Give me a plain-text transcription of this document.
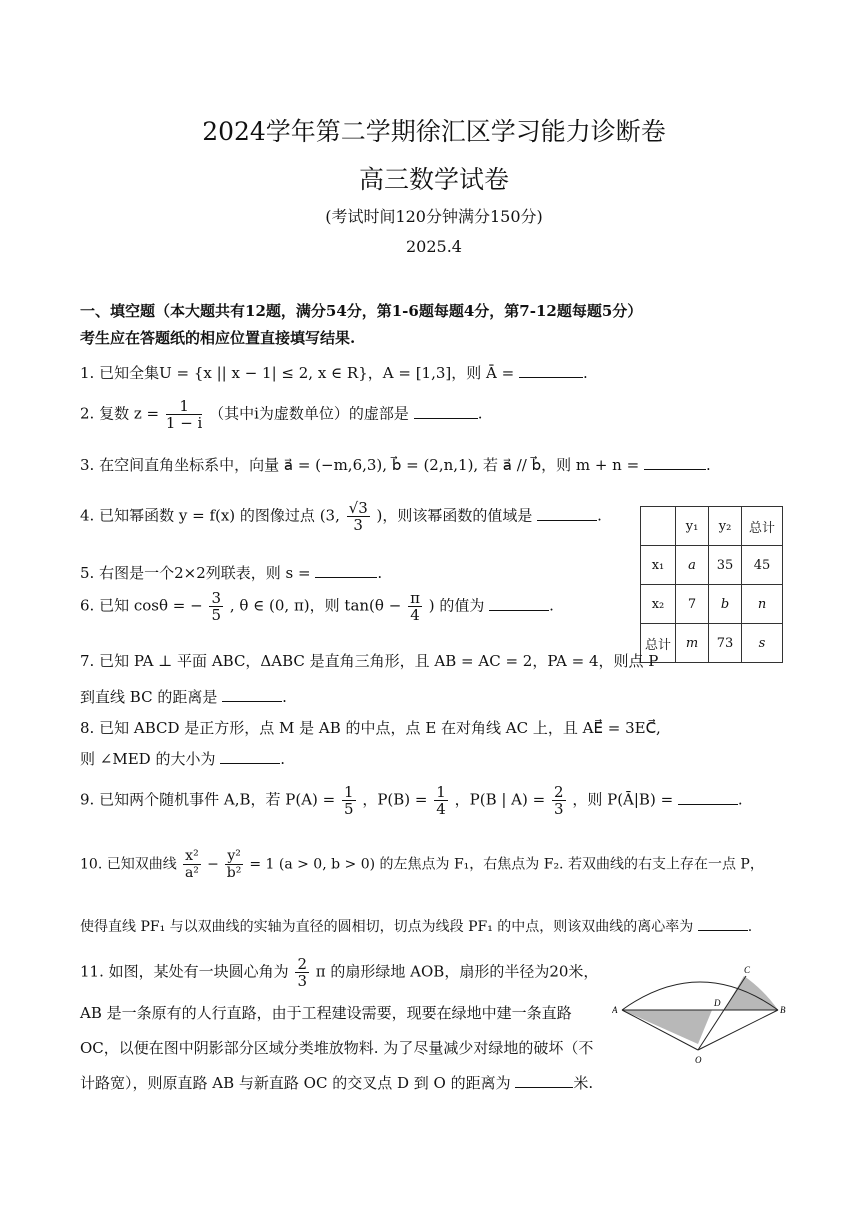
2024学年第二学期徐汇区学习能力诊断卷
高三数学试卷
(考试时间120分钟满分150分)
2025.4
一、填空题（本大题共有12题，满分54分，第1-6题每题4分，第7-12题每题5分）
考生应在答题纸的相应位置直接填写结果.
1. 已知全集U = {x || x − 1| ≤ 2, x ∈ R}，A = [1,3]，则 Ā =	.
2. 复数 $z = \frac{1}{1 - i}$ （其中i为虚数单位）的虚部是	.
3. 在空间直角坐标系中，向量 a⃗ = (−m,6,3), b⃗ = (2,n,1), 若 a⃗ // b⃗，则 m + n =	.
4. 已知幂函数 y = f(x) 的图像过点 (3, $\frac{√3}{3}$ )，则该幂函数的值域是	.
5. 右图是一个2×2列联表，则 s =	.
6. 已知 cosθ = − $\frac{3}{5}$ , θ ∈ (0, π)，则 $\tan(\theta - \frac{\pi}{4}$ ) 的值为	.
	y₁	y₂	总计
x₁	a	35	45
x₂	7	b	n
总计	m	73	s
7. 已知 PA ⊥ 平面 ABC，ΔABC 是直角三角形，且 AB = AC = 2，PA = 4，则点 P
到直线 BC 的距离是	.
8. 已知 ABCD 是正方形，点 M 是 AB 的中点，点 E 在对角线 AC 上，且 AE⃗ = 3EC⃗,
则 ∠MED 的大小为	.
9. 已知两个随机事件 A,B，若 $P(A) = \frac{1}{5}$ ，$P(B) = \frac{1}{4}$ ，P(B | $A) = \frac{2}{3}$ ，则 P(Ā|B) =	.
10. 已知双曲线 $\frac{\text{x²}}{\text{a²}} - \frac{\text{y²}}{\text{b²}} = 1$ (a > 0, b > 0) 的左焦点为 F₁，右焦点为 F₂. 若双曲线的右支上存在一点 P，
使得直线 PF₁ 与以双曲线的实轴为直径的圆相切，切点为线段 PF₁ 的中点，则该双曲线的离心率为	.
11. 如图，某处有一块圆心角为 $\frac{2}{3}$ π 的扇形绿地 AOB，扇形的半径为20米，
AB 是一条原有的人行直路，由于工程建设需要，现要在绿地中建一条直路
OC，以便在图中阴影部分区域分类堆放物料. 为了尽量减少对绿地的破坏（不
计路宽），则原直路 AB 与新直路 OC 的交叉点 D 到 O 的距离为	米.
A	B
C
D
O
